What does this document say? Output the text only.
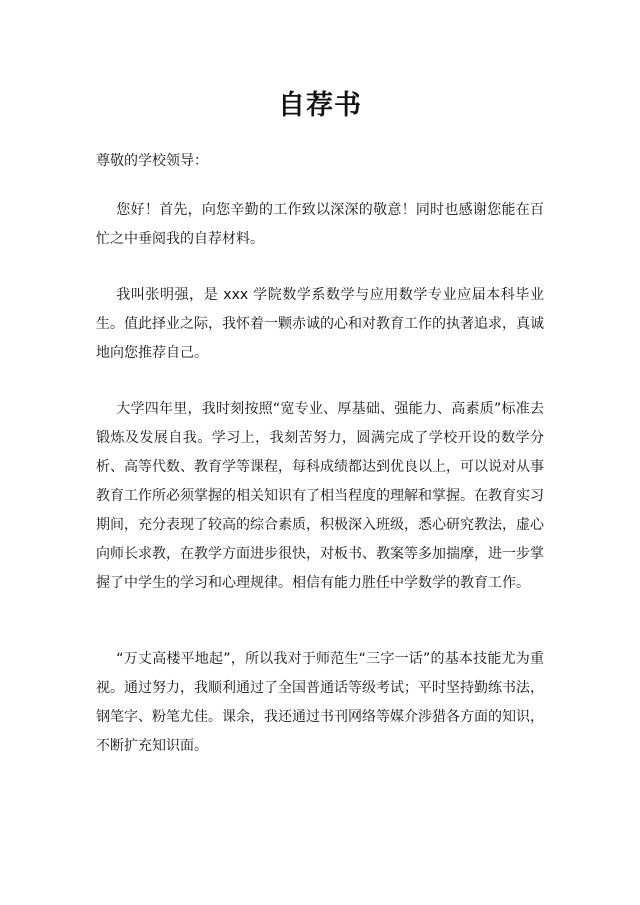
自荐书

尊敬的学校领导：

您好！首先，向您辛勤的工作致以深深的敬意！同时也感谢您能在百忙之中垂阅我的自荐材料。

我叫张明强，是 xxx 学院数学系数学与应用数学专业应届本科毕业生。值此择业之际，我怀着一颗赤诚的心和对教育工作的执著追求，真诚地向您推荐自己。

大学四年里，我时刻按照“宽专业、厚基础、强能力、高素质”标准去锻炼及发展自我。学习上，我刻苦努力，圆满完成了学校开设的数学分析、高等代数、教育学等课程，每科成绩都达到优良以上，可以说对从事教育工作所必须掌握的相关知识有了相当程度的理解和掌握。在教育实习期间，充分表现了较高的综合素质，积极深入班级，悉心研究教法，虚心向师长求教，在教学方面进步很快，对板书、教案等多加揣摩，进一步掌握了中学生的学习和心理规律。相信有能力胜任中学数学的教育工作。

“万丈高楼平地起”，所以我对于师范生“三字一话”的基本技能尤为重视。通过努力，我顺利通过了全国普通话等级考试；平时坚持勤练书法，钢笔字、粉笔尤佳。课余，我还通过书刊网络等媒介涉猎各方面的知识，不断扩充知识面。
